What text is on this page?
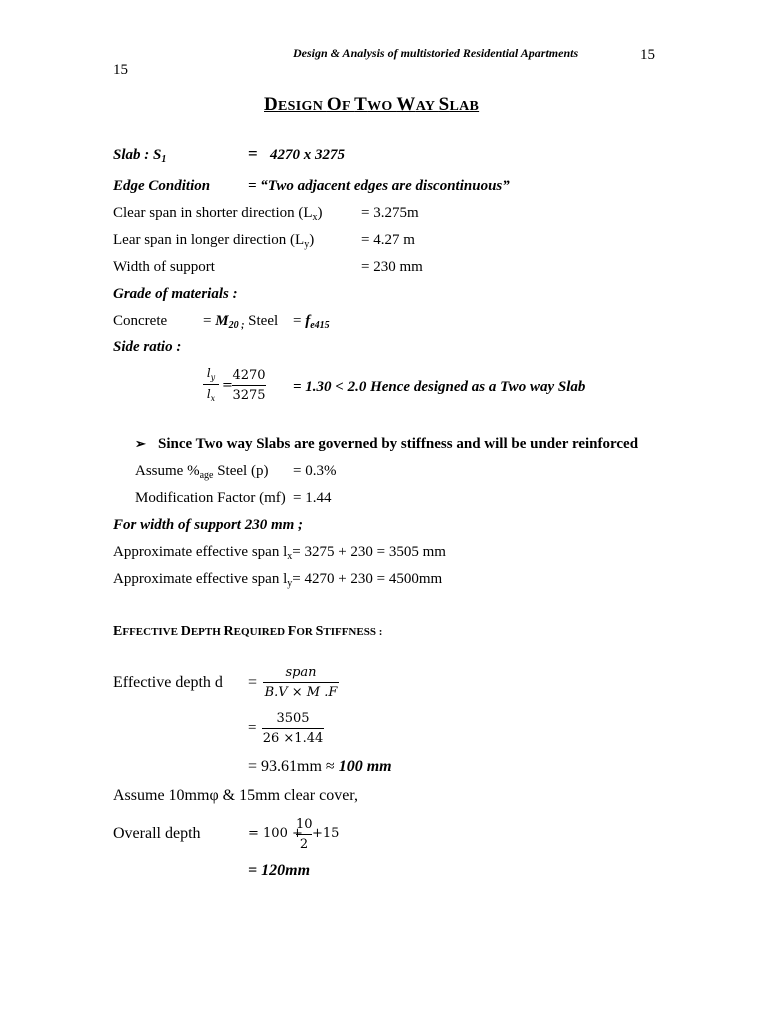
Design & Analysis of multistoried Residential Apartments	15
15
DESIGN OF TWO WAY SLAB
Slab : $S_1$	= 4270 x 3275
Edge Condition	= “Two adjacent edges are discontinuous”
Clear span in shorter direction $(L_x)$	= 3.275m
Lear span in longer direction $(L_y)$	= 4.27 m
Width of support	= 230 mm
Grade of materials :
Concrete = $M_{20 ;}$ Steel = $f_{e415}$
Side ratio :
$l_y$
$l_x$
=
4270
3275
= 1.30 < 2.0 Hence designed as a Two way Slab
➢ Since Two way Slabs are governed by stiffness and will be under reinforced
Assume $\%_{age}$ Steel (p) = 0.3%
Modification Factor (mf) = 1.44
For width of support 230 mm ;
Approximate effective span $l_x= 3275 + 230 = 3505$ mm
Approximate effective span $l_y= 4270 + 230 = 4500mm$
EFFECTIVE DEPTH REQUIRED FOR STIFFNESS :
Effective depth d =
span
B.V × M .F
=
3505
26 ×1.44
= 93.61mm ≈ 100 mm
Assume 10mmφ & 15mm clear cover,
Overall depth	= 100 +
10
2
+15
= 120mm
